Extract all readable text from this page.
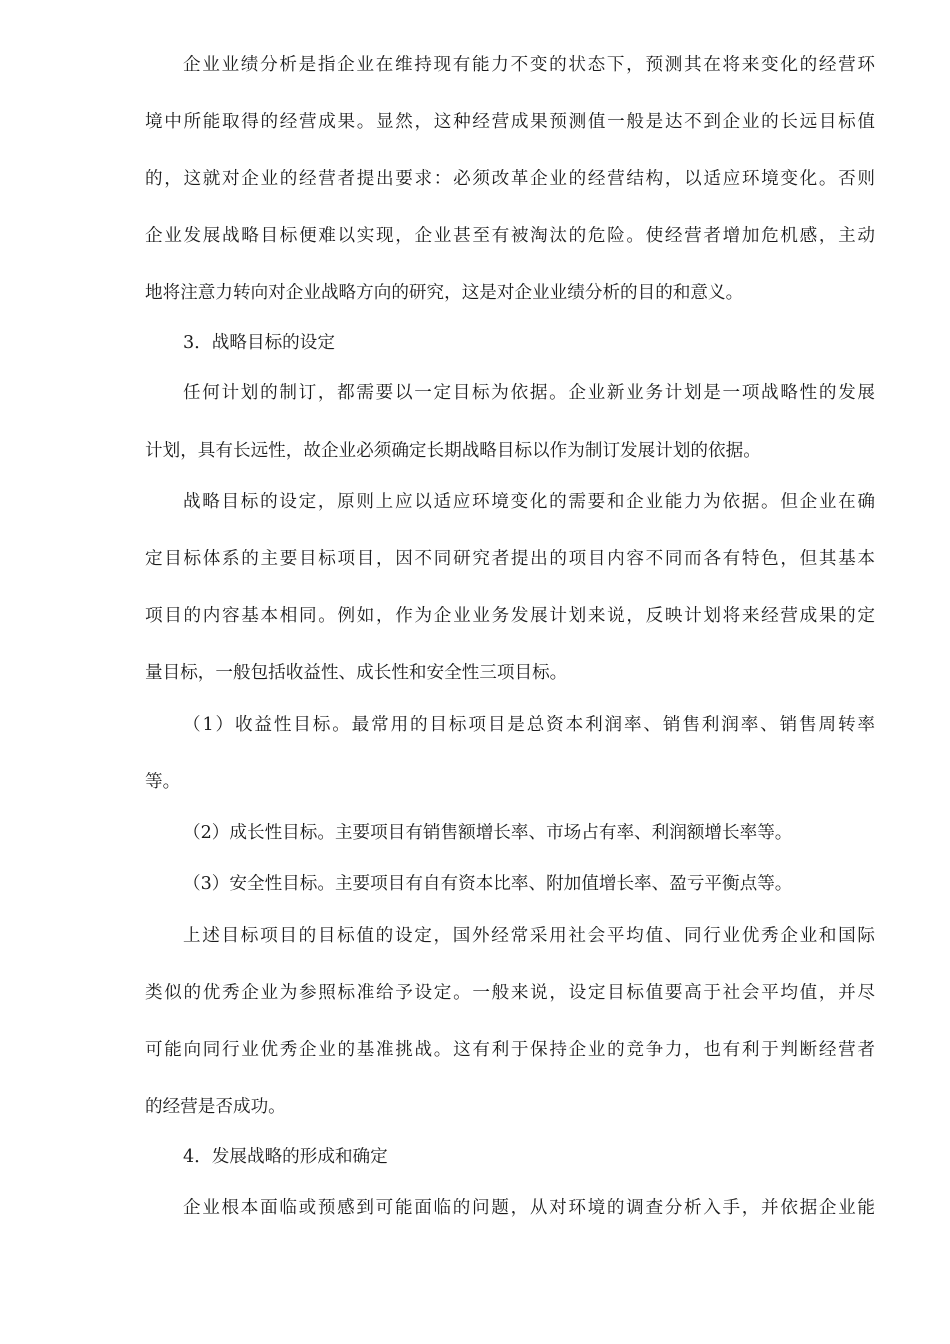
企业业绩分析是指企业在维持现有能力不变的状态下，预测其在将来变化的经营环
境中所能取得的经营成果。显然，这种经营成果预测值一般是达不到企业的长远目标值
的，这就对企业的经营者提出要求：必须改革企业的经营结构，以适应环境变化。否则
企业发展战略目标便难以实现，企业甚至有被淘汰的危险。使经营者增加危机感，主动
地将注意力转向对企业战略方向的研究，这是对企业业绩分析的目的和意义。
3．战略目标的设定
任何计划的制订，都需要以一定目标为依据。企业新业务计划是一项战略性的发展
计划，具有长远性，故企业必须确定长期战略目标以作为制订发展计划的依据。
战略目标的设定，原则上应以适应环境变化的需要和企业能力为依据。但企业在确
定目标体系的主要目标项目，因不同研究者提出的项目内容不同而各有特色，但其基本
项目的内容基本相同。例如，作为企业业务发展计划来说，反映计划将来经营成果的定
量目标，一般包括收益性、成长性和安全性三项目标。
（1）收益性目标。最常用的目标项目是总资本利润率、销售利润率、销售周转率
等。
（2）成长性目标。主要项目有销售额增长率、市场占有率、利润额增长率等。
（3）安全性目标。主要项目有自有资本比率、附加值增长率、盈亏平衡点等。
上述目标项目的目标值的设定，国外经常采用社会平均值、同行业优秀企业和国际
类似的优秀企业为参照标准给予设定。一般来说，设定目标值要高于社会平均值，并尽
可能向同行业优秀企业的基准挑战。这有利于保持企业的竞争力，也有利于判断经营者
的经营是否成功。
4．发展战略的形成和确定
企业根本面临或预感到可能面临的问题，从对环境的调查分析入手，并依据企业能
